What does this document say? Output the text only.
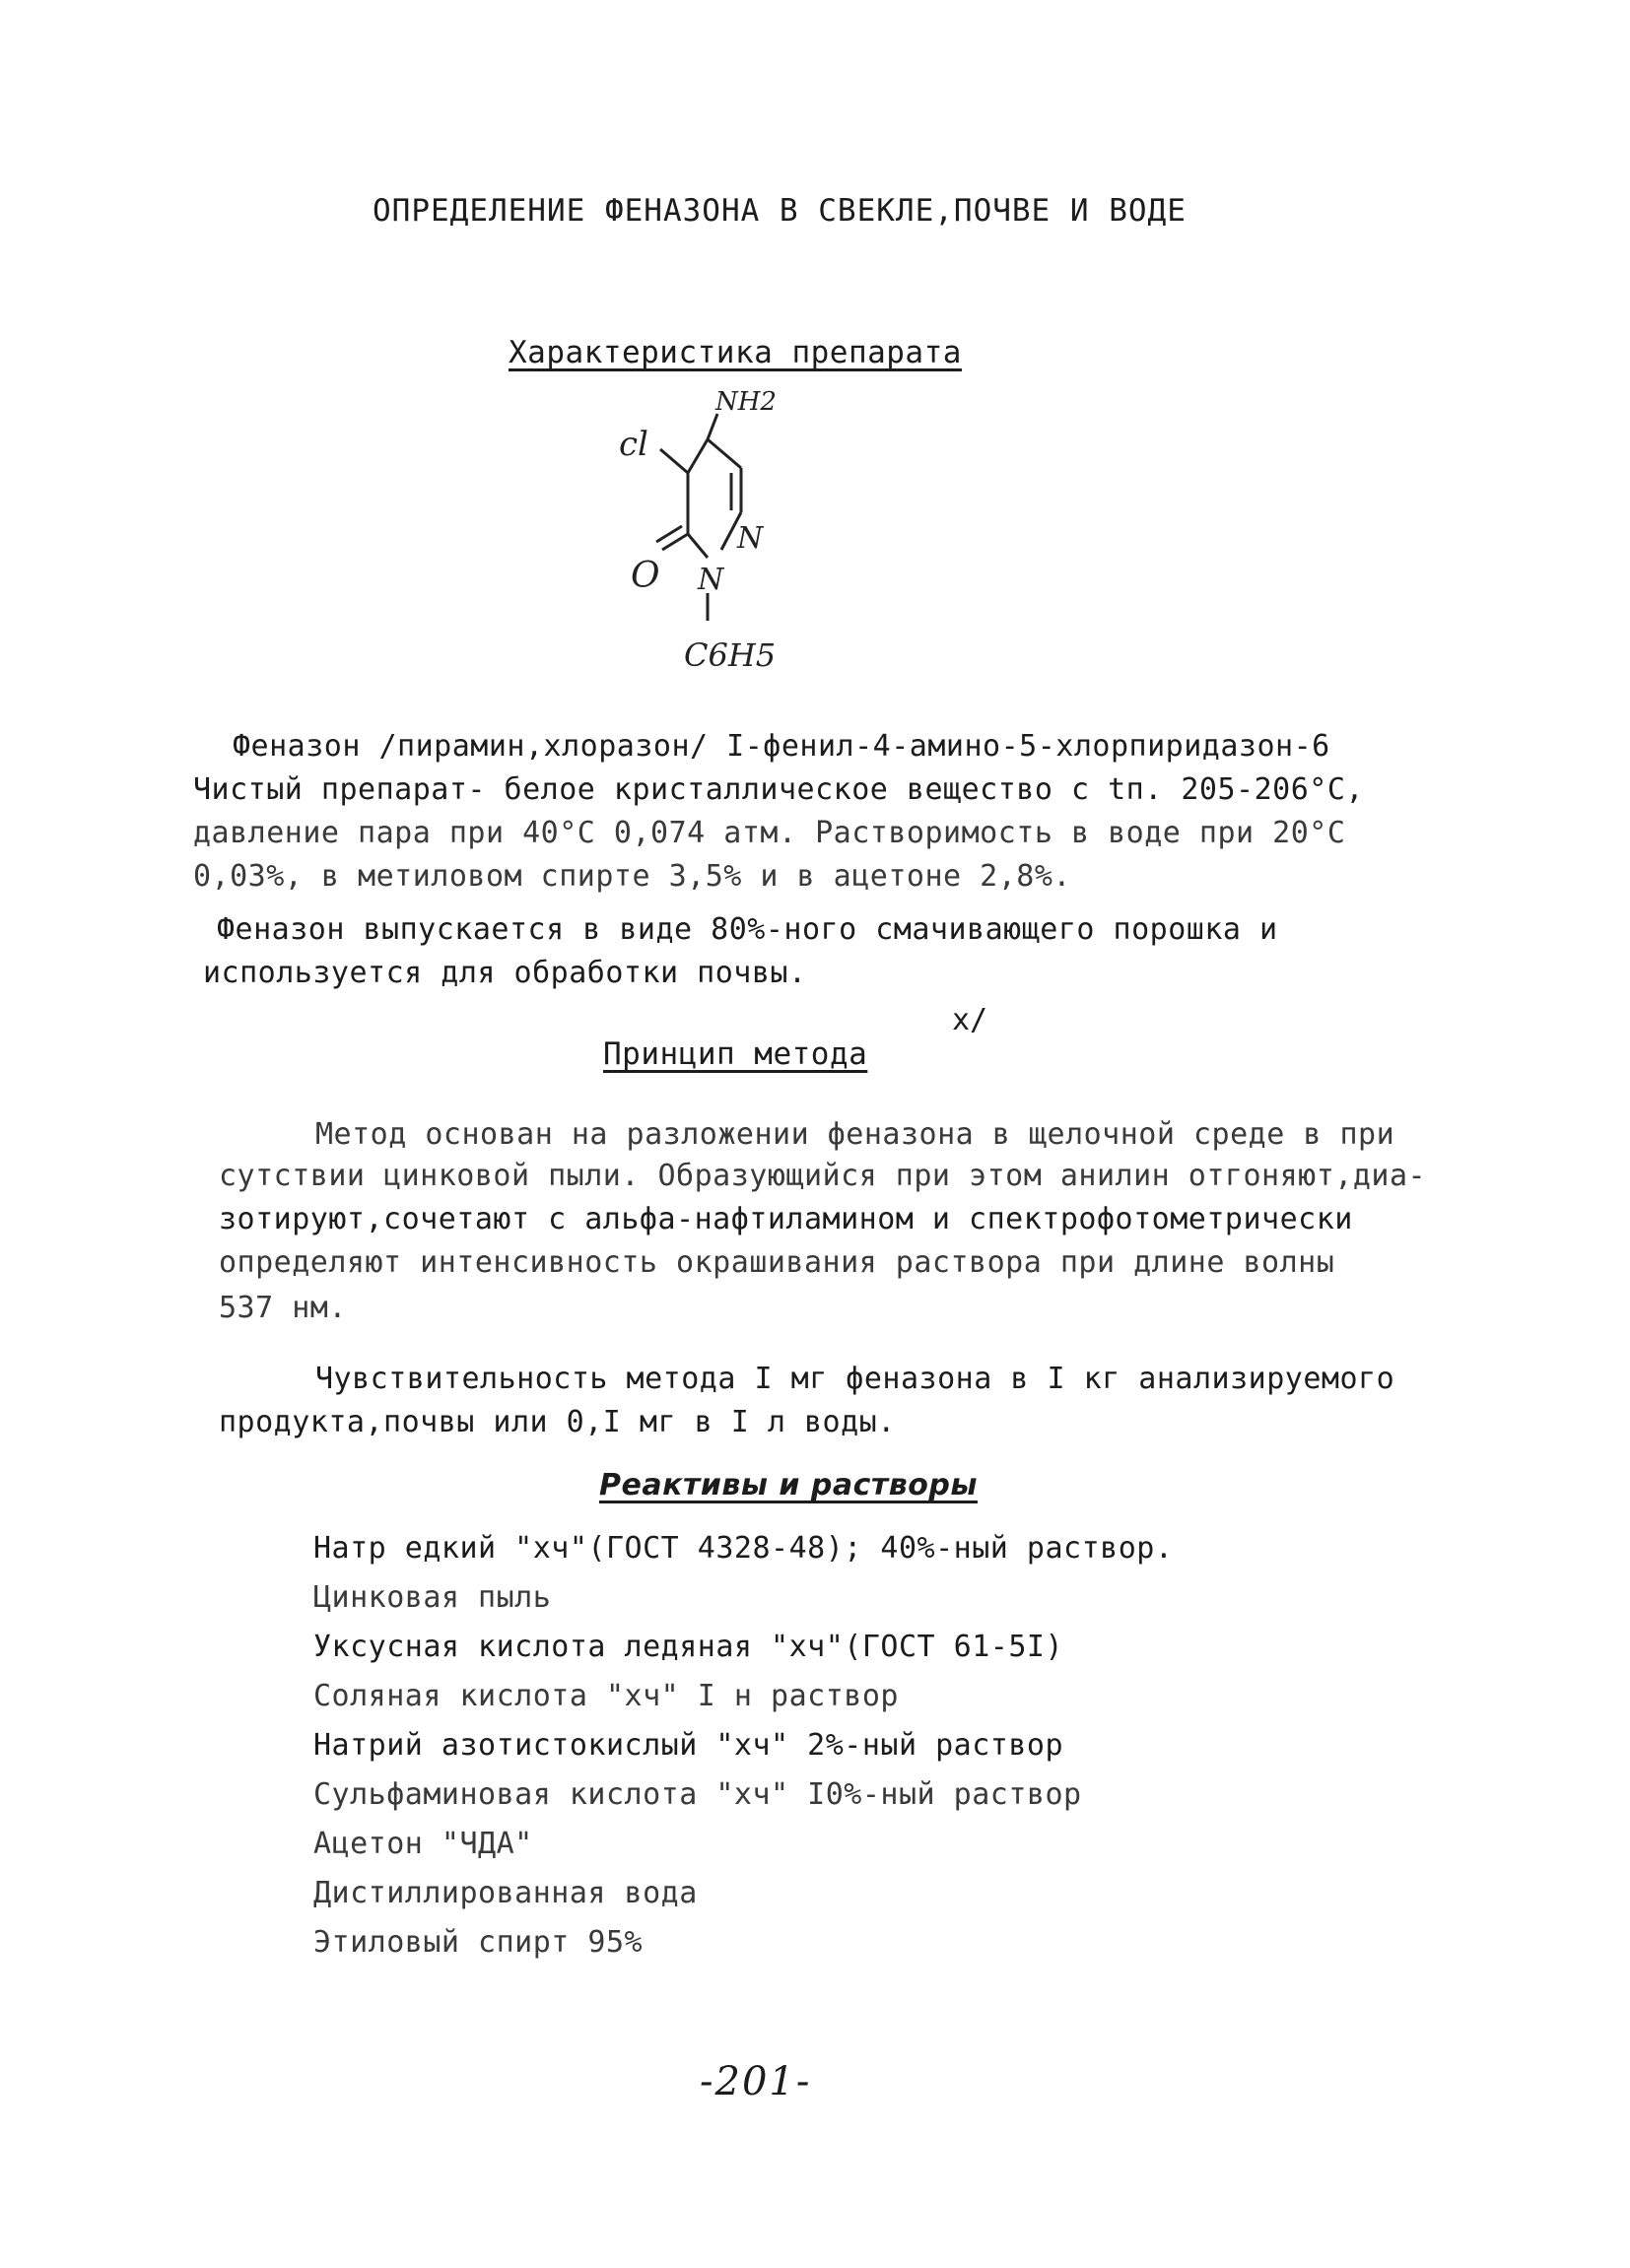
ОПРЕДЕЛЕНИЕ ФЕНАЗОНА В СВЕКЛЕ,ПОЧВЕ И ВОДЕ
Характеристика препарата
NH2
cl
N
O N
C6H5
Феназон /пирамин,хлоразон/ I-фенил-4-амино-5-хлорпиридазон-6
Чистый препарат- белое кристаллическое вещество с tп. 205-206°С,
давление пара при 40°С 0,074 атм. Растворимость в воде при 20°С
0,03%, в метиловом спирте 3,5% и в ацетоне 2,8%.
Феназон выпускается в виде 80%-ного смачивающего порошка и
используется для обработки почвы.
x/
Принцип метода
Метод основан на разложении феназона в щелочной среде в при
сутствии цинковой пыли. Образующийся при этом анилин отгоняют,диа-
зотируют,сочетают с альфа-нафтиламином и спектрофотометрически
определяют интенсивность окрашивания раствора при длине волны
537 нм.
Чувствительность метода I мг феназона в I кг анализируемого
продукта,почвы или 0,I мг в I л воды.
Реактивы и растворы
Натр едкий "хч"(ГОСТ 4328-48); 40%-ный раствор.
Цинковая пыль
Уксусная кислота ледяная "хч"(ГОСТ 61-5I)
Соляная кислота "хч" I н раствор
Натрий азотистокислый "хч" 2%-ный раствор
Сульфаминовая кислота "хч" I0%-ный раствор
Ацетон "ЧДА"
Дистиллированная вода
Этиловый спирт 95%
-201-
